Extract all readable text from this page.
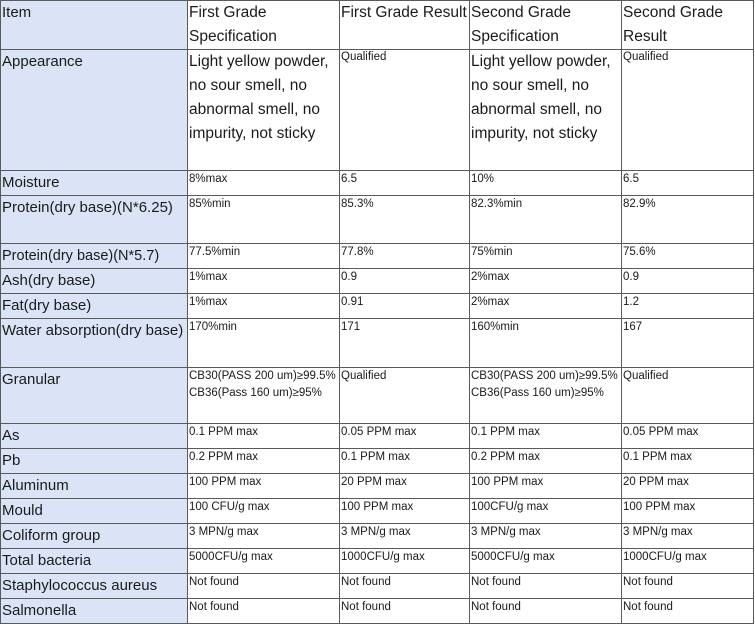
Item	First Grade Specification	First Grade Result	Second Grade Specification	Second Grade Result
Appearance	Light yellow powder, no sour smell, no abnormal smell, no impurity, not sticky	Qualified	Light yellow powder, no sour smell, no abnormal smell, no impurity, not sticky	Qualified
Moisture	8%max	6.5	10%	6.5
Protein(dry base)(N*6.25)	85%min	85.3%	82.3%min	82.9%
Protein(dry base)(N*5.7)	77.5%min	77.8%	75%min	75.6%
Ash(dry base)	1%max	0.9	2%max	0.9
Fat(dry base)	1%max	0.91	2%max	1.2
Water absorption(dry base)	170%min	171	160%min	167
Granular	CB30(PASS 200 um)≥99.5% CB36(Pass 160 um)≥95%	Qualified	CB30(PASS 200 um)≥99.5% CB36(Pass 160 um)≥95%	Qualified
As	0.1 PPM max	0.05 PPM max	0.1 PPM max	0.05 PPM max
Pb	0.2 PPM max	0.1 PPM max	0.2 PPM max	0.1 PPM max
Aluminum	100 PPM max	20 PPM max	100 PPM max	20 PPM max
Mould	100 CFU/g max	100 PPM max	100CFU/g max	100 PPM max
Coliform group	3 MPN/g max	3 MPN/g max	3 MPN/g max	3 MPN/g max
Total bacteria	5000CFU/g max	1000CFU/g max	5000CFU/g max	1000CFU/g max
Staphylococcus aureus	Not found	Not found	Not found	Not found
Salmonella	Not found	Not found	Not found	Not found
